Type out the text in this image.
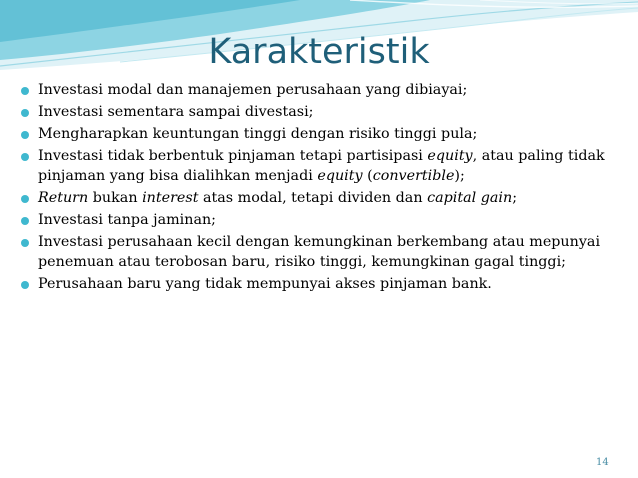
Karakteristik
Investasi modal dan manajemen perusahaan yang dibiayai;
Investasi sementara sampai divestasi;
Mengharapkan keuntungan tinggi dengan risiko tinggi pula;
Investasi tidak berbentuk pinjaman tetapi partisipasi equity, atau paling tidak pinjaman yang bisa dialihkan menjadi equity (convertible);
Return bukan interest atas modal, tetapi dividen dan capital gain;
Investasi tanpa jaminan;
Investasi perusahaan kecil dengan kemungkinan berkembang atau mepunyai penemuan atau terobosan baru, risiko tinggi, kemungkinan gagal tinggi;
Perusahaan baru yang tidak mempunyai akses pinjaman bank.
14
